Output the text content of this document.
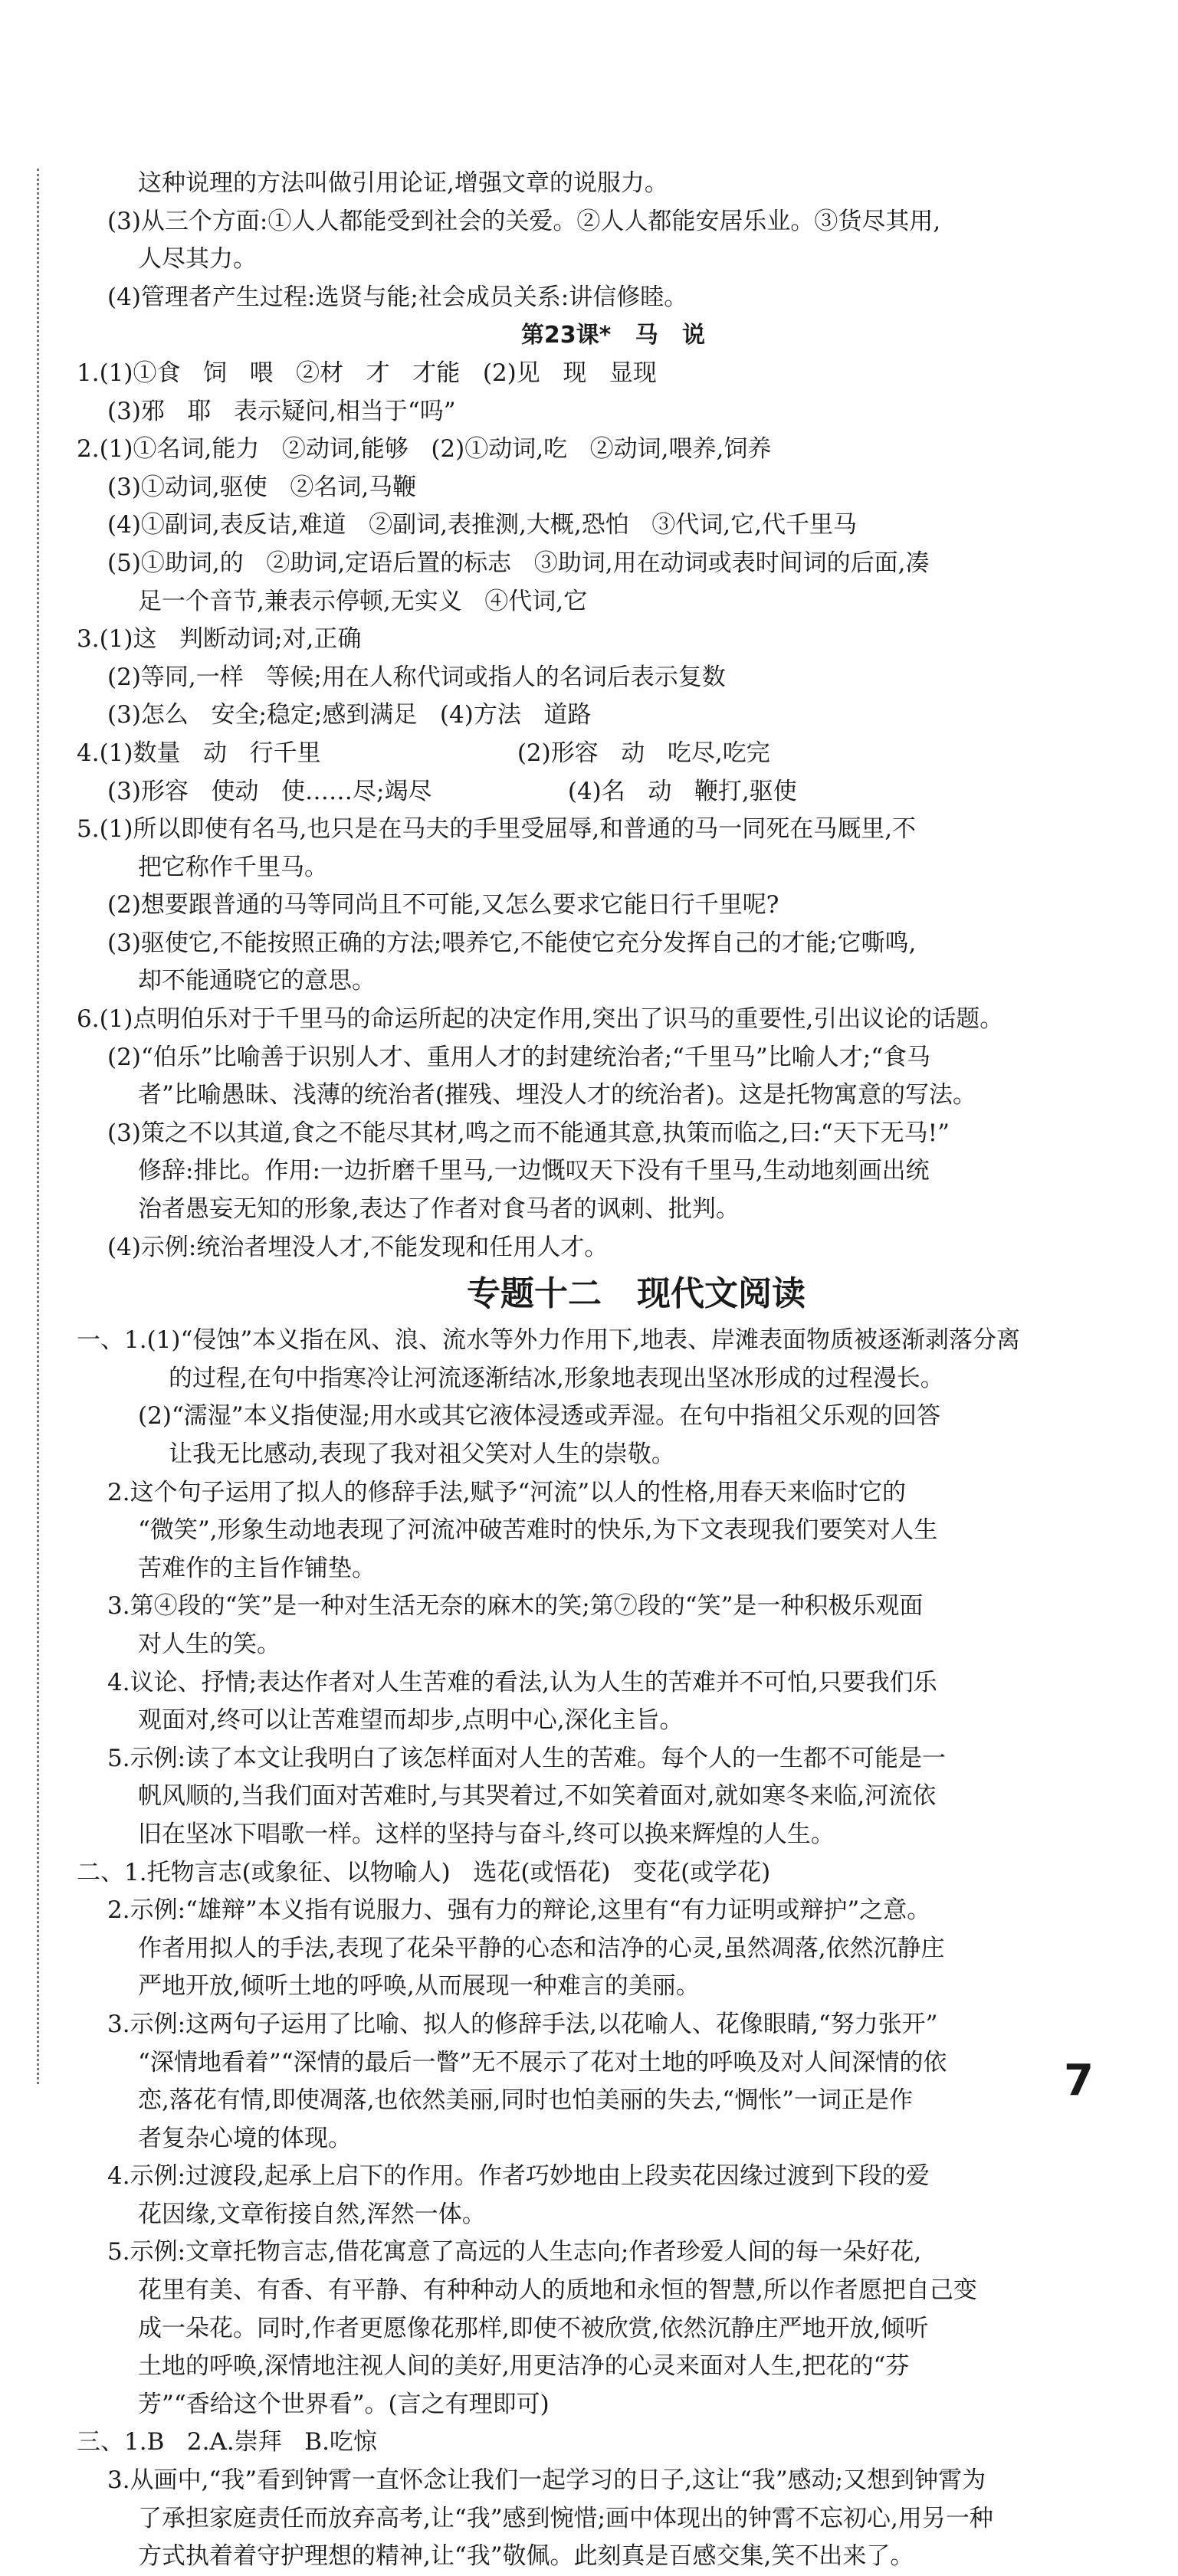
这种说理的方法叫做引用论证,增强文章的说服力。
(3)从三个方面:①人人都能受到社会的关爱。②人人都能安居乐业。③货尽其用,
人尽其力。
(4)管理者产生过程:选贤与能;社会成员关系:讲信修睦。
第23课*   马   说
1.(1)①食   饲   喂   ②材   才   才能   (2)见   现   显现
(3)邪   耶   表示疑问,相当于“吗”
2.(1)①名词,能力   ②动词,能够   (2)①动词,吃   ②动词,喂养,饲养
(3)①动词,驱使   ②名词,马鞭
(4)①副词,表反诘,难道   ②副词,表推测,大概,恐怕   ③代词,它,代千里马
(5)①助词,的   ②助词,定语后置的标志   ③助词,用在动词或表时间词的后面,凑
足一个音节,兼表示停顿,无实义   ④代词,它
3.(1)这   判断动词;对,正确
(2)等同,一样   等候;用在人称代词或指人的名词后表示复数
(3)怎么   安全;稳定;感到满足   (4)方法   道路
4.(1)数量   动   行千里                          (2)形容   动   吃尽,吃完
(3)形容   使动   使……尽;竭尽                  (4)名   动   鞭打,驱使
5.(1)所以即使有名马,也只是在马夫的手里受屈辱,和普通的马一同死在马厩里,不
把它称作千里马。
(2)想要跟普通的马等同尚且不可能,又怎么要求它能日行千里呢?
(3)驱使它,不能按照正确的方法;喂养它,不能使它充分发挥自己的才能;它嘶鸣,
却不能通晓它的意思。
6.(1)点明伯乐对于千里马的命运所起的决定作用,突出了识马的重要性,引出议论的话题。
(2)“伯乐”比喻善于识别人才、重用人才的封建统治者;“千里马”比喻人才;“食马
者”比喻愚昧、浅薄的统治者(摧残、埋没人才的统治者)。这是托物寓意的写法。
(3)策之不以其道,食之不能尽其材,鸣之而不能通其意,执策而临之,曰:“天下无马!”
修辞:排比。作用:一边折磨千里马,一边慨叹天下没有千里马,生动地刻画出统
治者愚妄无知的形象,表达了作者对食马者的讽刺、批判。
(4)示例:统治者埋没人才,不能发现和任用人才。
专题十二   现代文阅读
一、1.(1)“侵蚀”本义指在风、浪、流水等外力作用下,地表、岸滩表面物质被逐渐剥落分离
的过程,在句中指寒冷让河流逐渐结冰,形象地表现出坚冰形成的过程漫长。
(2)“濡湿”本义指使湿;用水或其它液体浸透或弄湿。在句中指祖父乐观的回答
让我无比感动,表现了我对祖父笑对人生的崇敬。
2.这个句子运用了拟人的修辞手法,赋予“河流”以人的性格,用春天来临时它的
“微笑”,形象生动地表现了河流冲破苦难时的快乐,为下文表现我们要笑对人生
苦难作的主旨作铺垫。
3.第④段的“笑”是一种对生活无奈的麻木的笑;第⑦段的“笑”是一种积极乐观面
对人生的笑。
4.议论、抒情;表达作者对人生苦难的看法,认为人生的苦难并不可怕,只要我们乐
观面对,终可以让苦难望而却步,点明中心,深化主旨。
5.示例:读了本文让我明白了该怎样面对人生的苦难。每个人的一生都不可能是一
帆风顺的,当我们面对苦难时,与其哭着过,不如笑着面对,就如寒冬来临,河流依
旧在坚冰下唱歌一样。这样的坚持与奋斗,终可以换来辉煌的人生。
二、1.托物言志(或象征、以物喻人)   选花(或悟花)   变花(或学花)
2.示例:“雄辩”本义指有说服力、强有力的辩论,这里有“有力证明或辩护”之意。
作者用拟人的手法,表现了花朵平静的心态和洁净的心灵,虽然凋落,依然沉静庄
严地开放,倾听土地的呼唤,从而展现一种难言的美丽。
3.示例:这两句子运用了比喻、拟人的修辞手法,以花喻人、花像眼睛,“努力张开”
“深情地看着”“深情的最后一瞥”无不展示了花对土地的呼唤及对人间深情的依
恋,落花有情,即使凋落,也依然美丽,同时也怕美丽的失去,“惆怅”一词正是作
者复杂心境的体现。
4.示例:过渡段,起承上启下的作用。作者巧妙地由上段卖花因缘过渡到下段的爱
花因缘,文章衔接自然,浑然一体。
5.示例:文章托物言志,借花寓意了高远的人生志向;作者珍爱人间的每一朵好花,
花里有美、有香、有平静、有种种动人的质地和永恒的智慧,所以作者愿把自己变
成一朵花。同时,作者更愿像花那样,即使不被欣赏,依然沉静庄严地开放,倾听
土地的呼唤,深情地注视人间的美好,用更洁净的心灵来面对人生,把花的“芬
芳”“香给这个世界看”。(言之有理即可)
三、1.B   2.A.崇拜   B.吃惊
3.从画中,“我”看到钟霄一直怀念让我们一起学习的日子,这让“我”感动;又想到钟霄为
了承担家庭责任而放弃高考,让“我”感到惋惜;画中体现出的钟霄不忘初心,用另一种
方式执着着守护理想的精神,让“我”敬佩。此刻真是百感交集,笑不出来了。
7
